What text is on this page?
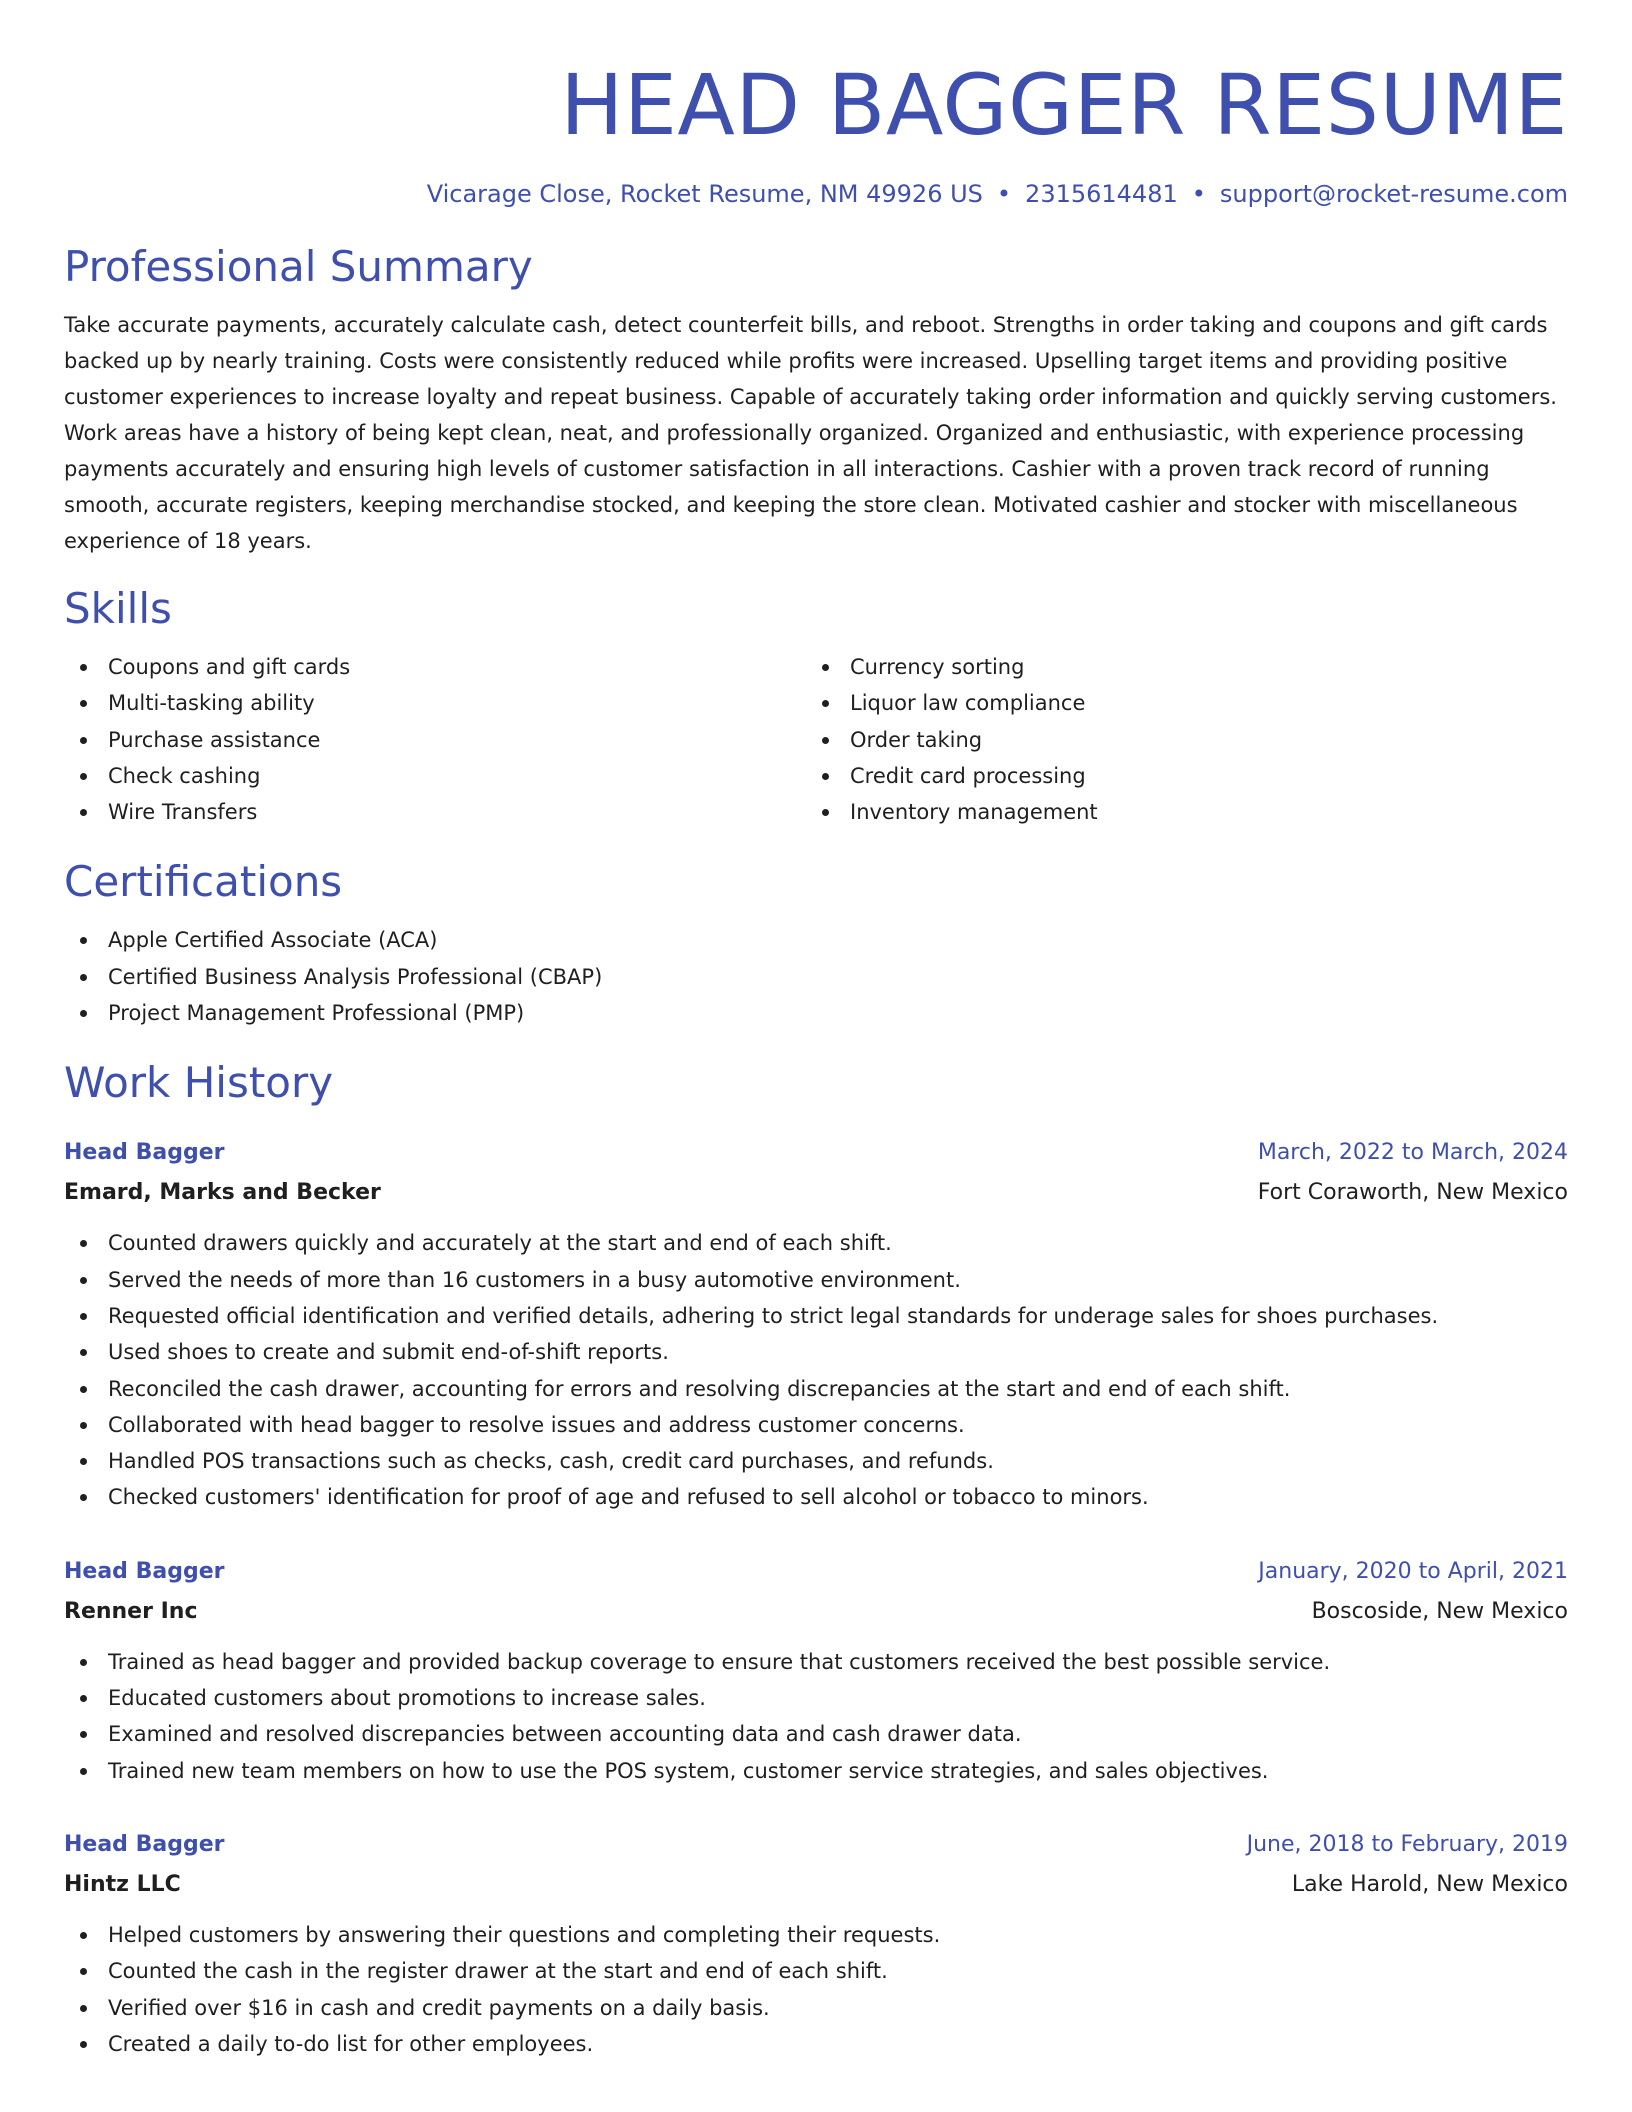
HEAD BAGGER RESUME
Vicarage Close, Rocket Resume, NM 49926 US • 2315614481 • support@rocket-resume.com
Professional Summary

Take accurate payments, accurately calculate cash, detect counterfeit bills, and reboot. Strengths in order taking and coupons and gift cards backed up by nearly training. Costs were consistently reduced while profits were increased. Upselling target items and providing positive customer experiences to increase loyalty and repeat business. Capable of accurately taking order information and quickly serving customers. Work areas have a history of being kept clean, neat, and professionally organized. Organized and enthusiastic, with experience processing payments accurately and ensuring high levels of customer satisfaction in all interactions. Cashier with a proven track record of running smooth, accurate registers, keeping merchandise stocked, and keeping the store clean. Motivated cashier and stocker with miscellaneous experience of 18 years.

Skills
Coupons and gift cards
Multi-tasking ability
Purchase assistance
Check cashing
Wire Transfers
Currency sorting
Liquor law compliance
Order taking
Credit card processing
Inventory management
Certifications
Apple Certified Associate (ACA)
Certified Business Analysis Professional (CBAP)
Project Management Professional (PMP)
Work History
Head Bagger	March, 2022 to March, 2024
Emard, Marks and Becker	Fort Coraworth, New Mexico
Counted drawers quickly and accurately at the start and end of each shift.
Served the needs of more than 16 customers in a busy automotive environment.
Requested official identification and verified details, adhering to strict legal standards for underage sales for shoes purchases.
Used shoes to create and submit end-of-shift reports.
Reconciled the cash drawer, accounting for errors and resolving discrepancies at the start and end of each shift.
Collaborated with head bagger to resolve issues and address customer concerns.
Handled POS transactions such as checks, cash, credit card purchases, and refunds.
Checked customers' identification for proof of age and refused to sell alcohol or tobacco to minors.
Head Bagger	January, 2020 to April, 2021
Renner Inc	Boscoside, New Mexico
Trained as head bagger and provided backup coverage to ensure that customers received the best possible service.
Educated customers about promotions to increase sales.
Examined and resolved discrepancies between accounting data and cash drawer data.
Trained new team members on how to use the POS system, customer service strategies, and sales objectives.
Head Bagger	June, 2018 to February, 2019
Hintz LLC	Lake Harold, New Mexico
Helped customers by answering their questions and completing their requests.
Counted the cash in the register drawer at the start and end of each shift.
Verified over $16 in cash and credit payments on a daily basis.
Created a daily to-do list for other employees.
